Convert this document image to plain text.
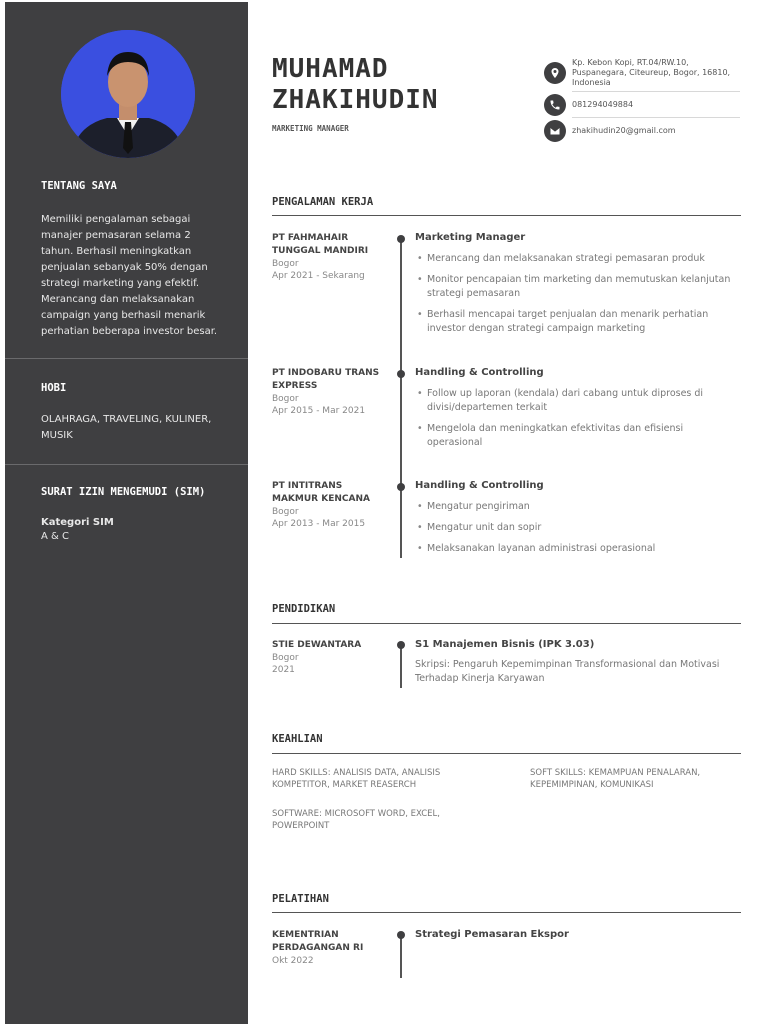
TENTANG SAYA
Memiliki pengalaman sebagai manajer pemasaran selama 2 tahun. Berhasil meningkatkan penjualan sebanyak 50% dengan strategi marketing yang efektif. Merancang dan melaksanakan campaign yang berhasil menarik perhatian beberapa investor besar.
HOBI
OLAHRAGA, TRAVELING, KULINER, MUSIK
SURAT IZIN MENGEMUDI (SIM)
Kategori SIM
A & C
MUHAMAD
ZHAKIHUDIN
MARKETING MANAGER
Kp. Kebon Kopi, RT.04/RW.10, Puspanegara, Citeureup, Bogor, 16810, Indonesia
081294049884
zhakihudin20@gmail.com
PENGALAMAN KERJA
PT FAHMAHAIR TUNGGAL MANDIRI
Bogor
Apr 2021 - Sekarang
Marketing Manager
• Merancang dan melaksanakan strategi pemasaran produk
• Monitor pencapaian tim marketing dan memutuskan kelanjutan strategi pemasaran
• Berhasil mencapai target penjualan dan menarik perhatian investor dengan strategi campaign marketing
PT INDOBARU TRANS EXPRESS
Bogor
Apr 2015 - Mar 2021
Handling & Controlling
• Follow up laporan (kendala) dari cabang untuk diproses di divisi/departemen terkait
• Mengelola dan meningkatkan efektivitas dan efisiensi operasional
PT INTITRANS MAKMUR KENCANA
Bogor
Apr 2013 - Mar 2015
Handling & Controlling
• Mengatur pengiriman
• Mengatur unit dan sopir
• Melaksanakan layanan administrasi operasional
PENDIDIKAN
STIE DEWANTARA
Bogor
2021
S1 Manajemen Bisnis (IPK 3.03)
Skripsi: Pengaruh Kepemimpinan Transformasional dan Motivasi Terhadap Kinerja Karyawan
KEAHLIAN
HARD SKILLS: ANALISIS DATA, ANALISIS KOMPETITOR, MARKET REASERCH
SOFT SKILLS: KEMAMPUAN PENALARAN, KEPEMIMPINAN, KOMUNIKASI
SOFTWARE: MICROSOFT WORD, EXCEL, POWERPOINT
PELATIHAN
KEMENTRIAN PERDAGANGAN RI
Okt 2022
Strategi Pemasaran Ekspor
